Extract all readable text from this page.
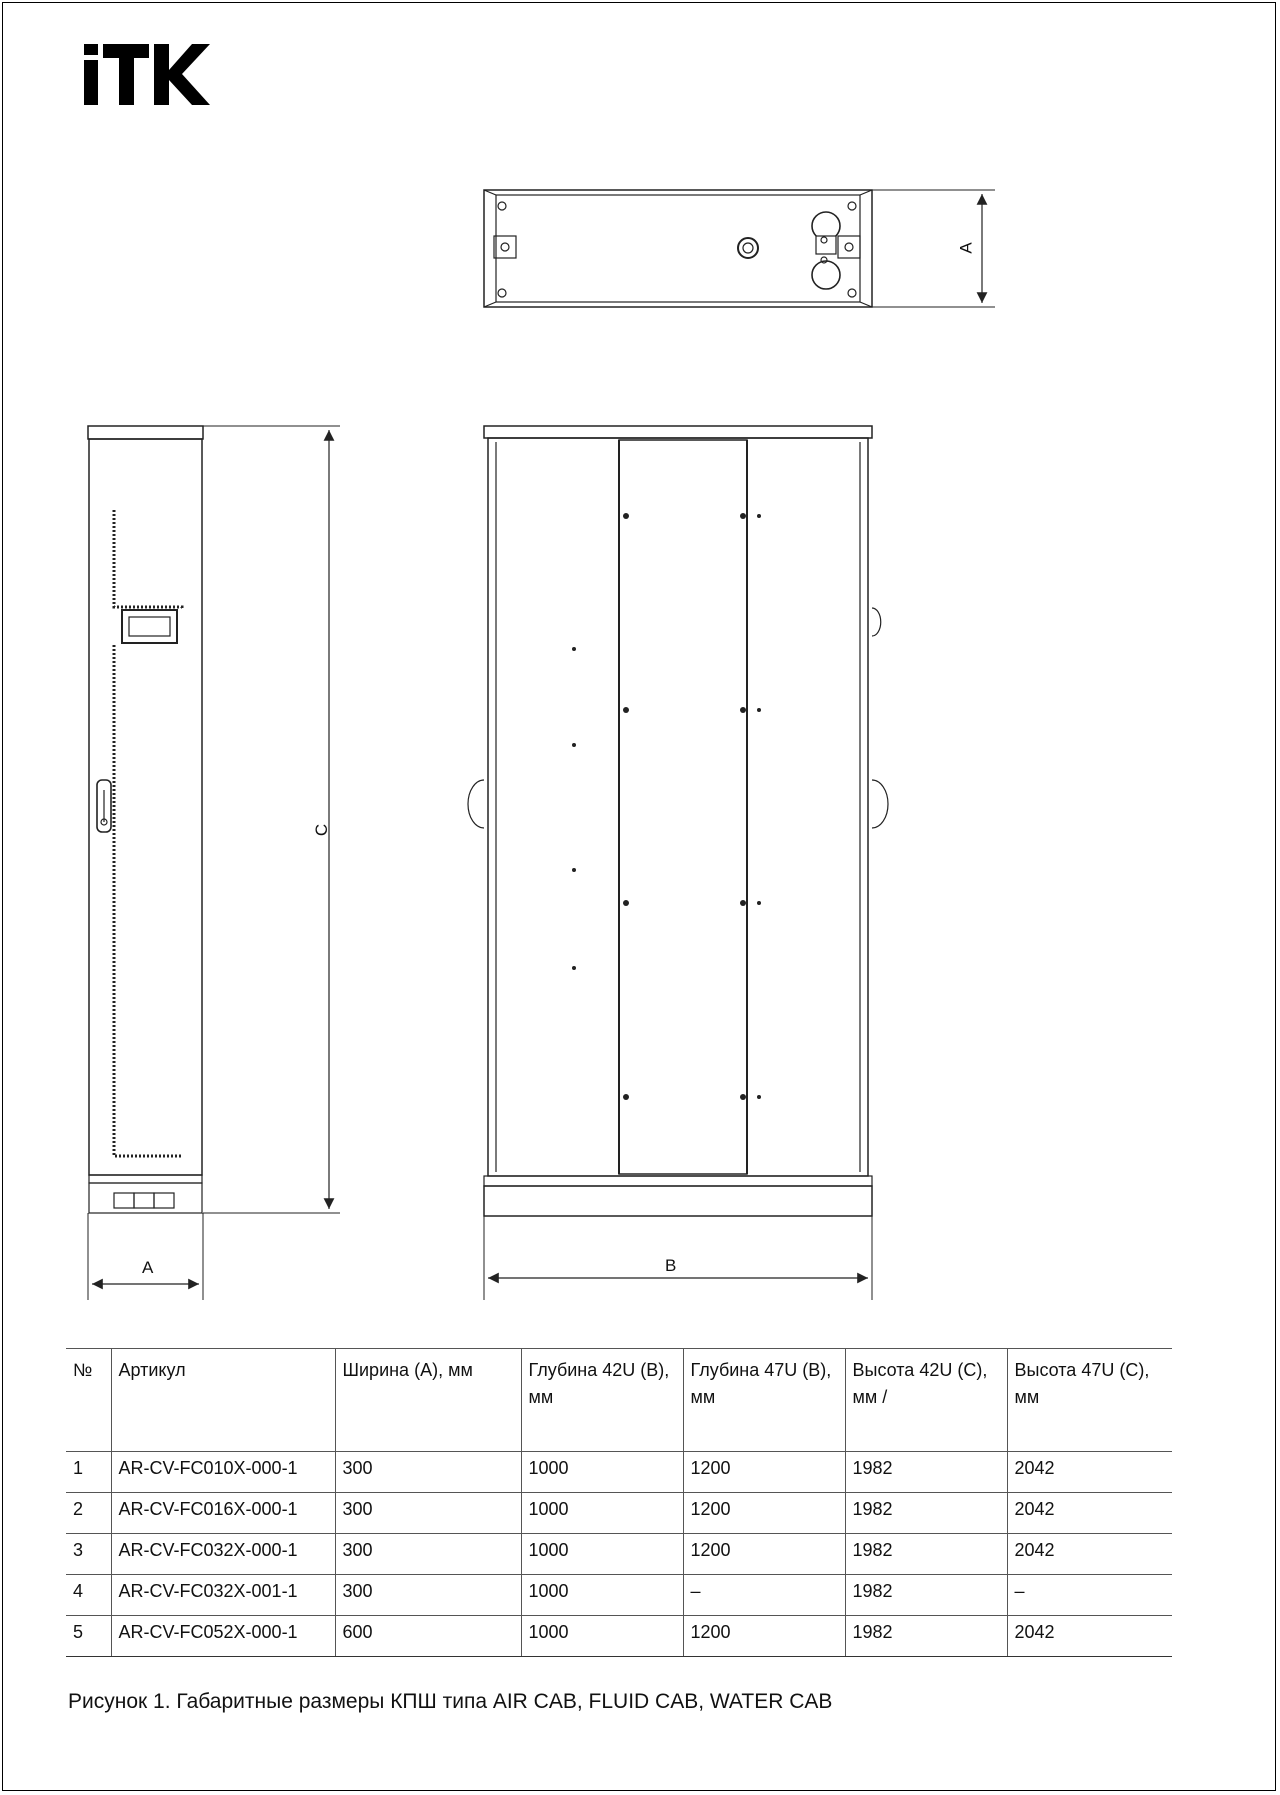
A
C
A	B
№	Артикул	Ширина (А), мм	Глубина 42U (В), мм	Глубина 47U (В), мм	Высота 42U (С), мм /	Высота 47U (С), мм
1	AR-CV-FC010X-000-1	300	1000	1200	1982	2042
2	AR-CV-FC016X-000-1	300	1000	1200	1982	2042
3	AR-CV-FC032X-000-1	300	1000	1200	1982	2042
4	AR-CV-FC032X-001-1	300	1000	–	1982	–
5	AR-CV-FC052X-000-1	600	1000	1200	1982	2042
Рисунок 1. Габаритные размеры КПШ типа AIR CAB, FLUID CAB, WATER CAB
